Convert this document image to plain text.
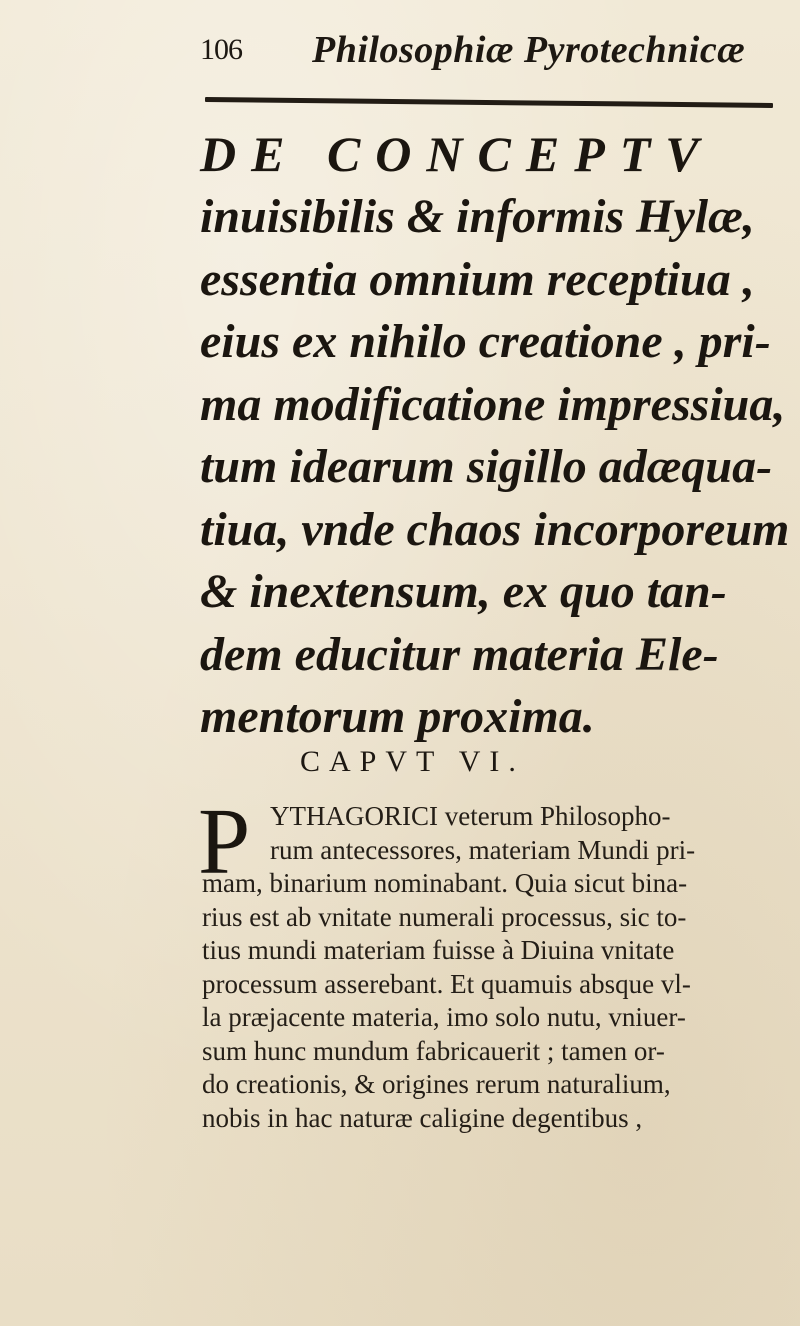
106 Philosophiæ Pyrotechnicæ
DE CONCEPTV
inuisibilis & informis Hylæ,
essentia omnium receptiua ,
eius ex nihilo creatione , pri-
ma modificatione impressiua,
tum idearum sigillo adæqua-
tiua, vnde chaos incorporeum
& inextensum, ex quo tan-
dem educitur materia Ele-
mentorum proxima.
CAPVT VI.
P YTHAGORICI veterum Philosopho-
rum antecessores, materiam Mundi pri-
mam, binarium nominabant. Quia sicut bina-
rius est ab vnitate numerali processus, sic to-
tius mundi materiam fuisse à Diuina vnitate
processum asserebant. Et quamuis absque vl-
la præjacente materia, imo solo nutu, vniuer-
sum hunc mundum fabricauerit ; tamen or-
do creationis, & origines rerum naturalium,
nobis in hac naturæ caligine degentibus ,
